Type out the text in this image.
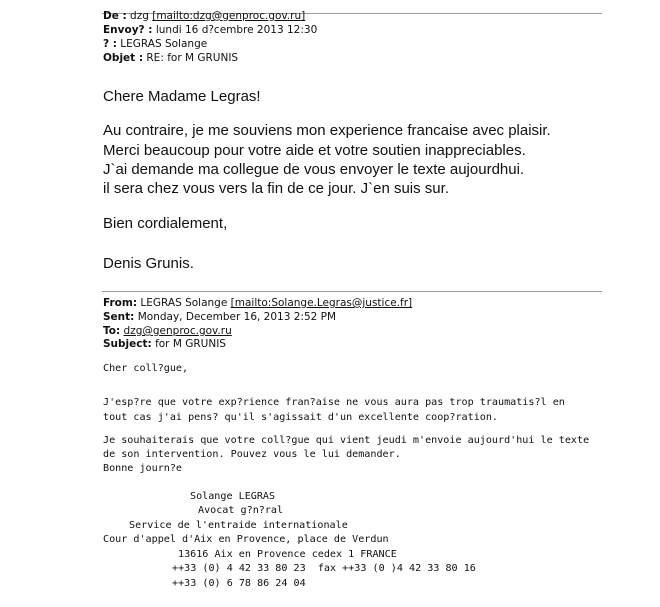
De : dzg [mailto:dzg@genproc.gov.ru]
Envoy? : lundi 16 d?cembre 2013 12:30
? : LEGRAS Solange
Objet : RE: for M GRUNIS
Chere Madame Legras!
Au contraire, je me souviens mon experience francaise avec plaisir.
Merci beaucoup pour votre aide et votre soutien inappreciables.
J`ai demande ma collegue de vous envoyer le texte aujourdhui.
il sera chez vous vers la fin de ce jour. J`en suis sur.
Bien cordialement,
Denis Grunis.
From: LEGRAS Solange [mailto:Solange.Legras@justice.fr]
Sent: Monday, December 16, 2013 2:52 PM
To: dzg@genproc.gov.ru
Subject: for M GRUNIS
Cher coll?gue,
J'esp?re que votre exp?rience fran?aise ne vous aura pas trop traumatis?l en
tout cas j'ai pens? qu'il s'agissait d'un excellente coop?ration.
Je souhaiterais que votre coll?gue qui vient jeudi m'envoie aujourd'hui le texte
de son intervention. Pouvez vous le lui demander.
Bonne journ?e
Solange LEGRAS
Avocat g?n?ral
Service de l'entraide internationale
Cour d'appel d'Aix en Provence, place de Verdun
13616 Aix en Provence cedex 1 FRANCE
++33 (0) 4 42 33 80 23  fax ++33 (0 )4 42 33 80 16
++33 (0) 6 78 86 24 04
